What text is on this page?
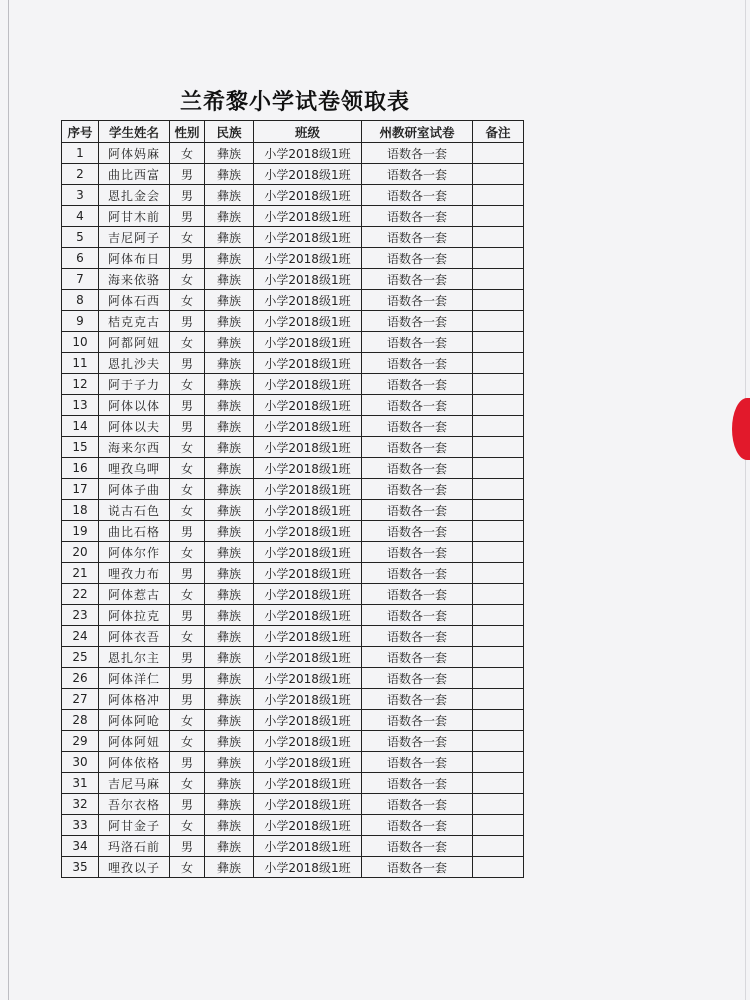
兰希黎小学试卷领取表
序号	学生姓名	性别	民族	班级	州教研室试卷	备注
1	阿体妈麻	女	彝族	小学2018级1班	语数各一套	
2	曲比西富	男	彝族	小学2018级1班	语数各一套	
3	恩扎金会	男	彝族	小学2018级1班	语数各一套	
4	阿甘木前	男	彝族	小学2018级1班	语数各一套	
5	吉尼阿子	女	彝族	小学2018级1班	语数各一套	
6	阿体布日	男	彝族	小学2018级1班	语数各一套	
7	海来依骆	女	彝族	小学2018级1班	语数各一套	
8	阿体石西	女	彝族	小学2018级1班	语数各一套	
9	桔克克古	男	彝族	小学2018级1班	语数各一套	
10	阿都阿妞	女	彝族	小学2018级1班	语数各一套	
11	恩扎沙夫	男	彝族	小学2018级1班	语数各一套	
12	阿于子力	女	彝族	小学2018级1班	语数各一套	
13	阿体以体	男	彝族	小学2018级1班	语数各一套	
14	阿体以夫	男	彝族	小学2018级1班	语数各一套	
15	海来尔西	女	彝族	小学2018级1班	语数各一套	
16	哩孜乌呷	女	彝族	小学2018级1班	语数各一套	
17	阿体子曲	女	彝族	小学2018级1班	语数各一套	
18	说古石色	女	彝族	小学2018级1班	语数各一套	
19	曲比石格	男	彝族	小学2018级1班	语数各一套	
20	阿体尔作	女	彝族	小学2018级1班	语数各一套	
21	哩孜力布	男	彝族	小学2018级1班	语数各一套	
22	阿体惹古	女	彝族	小学2018级1班	语数各一套	
23	阿体拉克	男	彝族	小学2018级1班	语数各一套	
24	阿体衣吾	女	彝族	小学2018级1班	语数各一套	
25	恩扎尔主	男	彝族	小学2018级1班	语数各一套	
26	阿体洋仁	男	彝族	小学2018级1班	语数各一套	
27	阿体格冲	男	彝族	小学2018级1班	语数各一套	
28	阿体阿呛	女	彝族	小学2018级1班	语数各一套	
29	阿体阿妞	女	彝族	小学2018级1班	语数各一套	
30	阿体依格	男	彝族	小学2018级1班	语数各一套	
31	吉尼马麻	女	彝族	小学2018级1班	语数各一套	
32	吾尔衣格	男	彝族	小学2018级1班	语数各一套	
33	阿甘金子	女	彝族	小学2018级1班	语数各一套	
34	玛洛石前	男	彝族	小学2018级1班	语数各一套	
35	哩孜以子	女	彝族	小学2018级1班	语数各一套	
